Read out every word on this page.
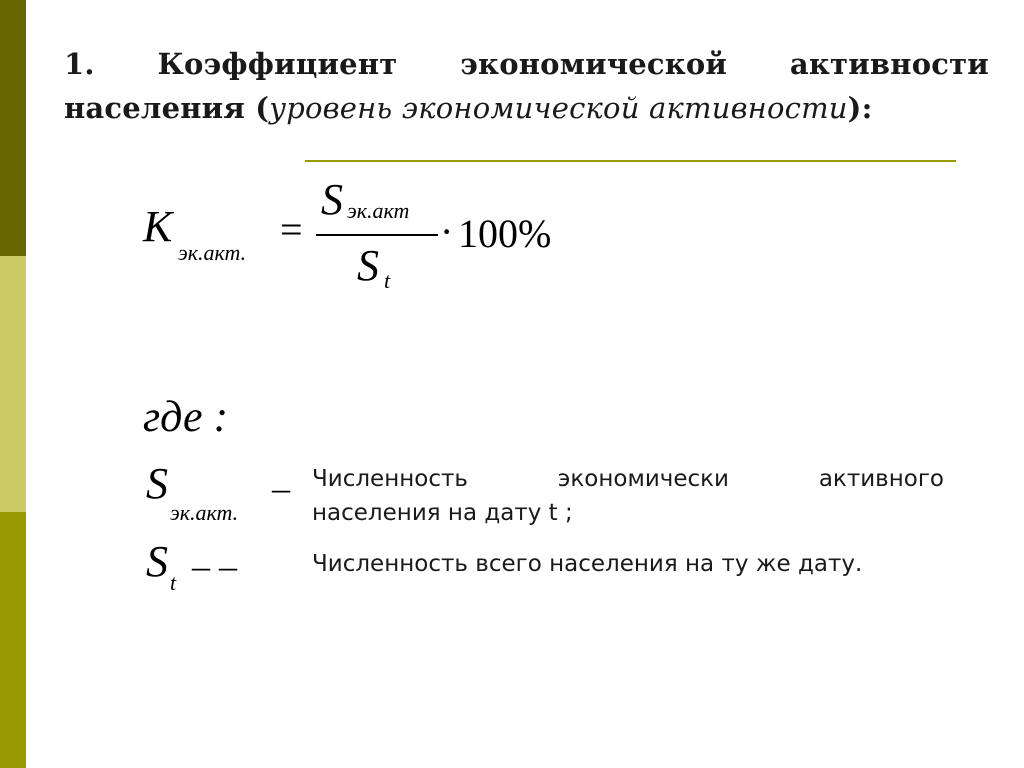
1. Коэффициент экономической активности
населения (уровень экономической активности):
К
эк.акт.
=
S эк.акт
S t
· 100%
где :
S
эк.акт.
– Численность	экономически	активного
населения на дату t ;
S t – –	Численность всего населения на ту же дату.
